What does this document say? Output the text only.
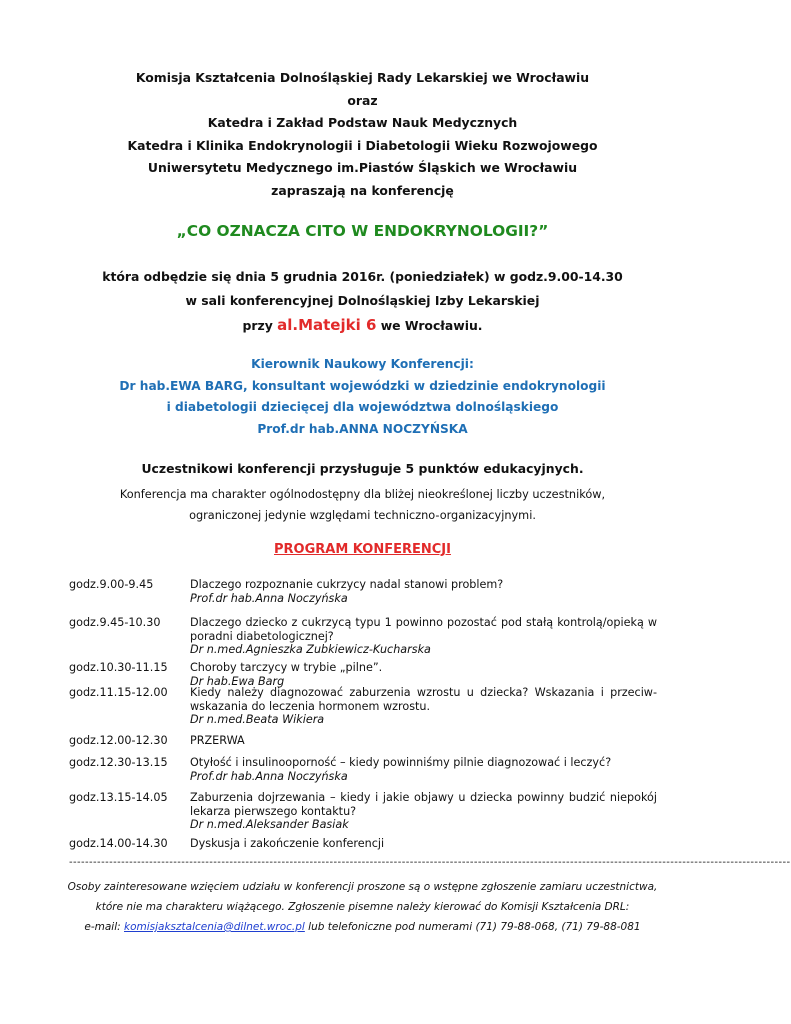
Komisja Kształcenia Dolnośląskiej Rady Lekarskiej we Wrocławiu
oraz
Katedra i Zakład Podstaw Nauk Medycznych
Katedra i Klinika Endokrynologii i Diabetologii Wieku Rozwojowego
Uniwersytetu Medycznego im.Piastów Śląskich we Wrocławiu
zapraszają na konferencję
„CO OZNACZA CITO W ENDOKRYNOLOGII?”
która odbędzie się dnia 5 grudnia 2016r. (poniedziałek) w godz.9.00-14.30
w sali konferencyjnej Dolnośląskiej Izby Lekarskiej
przy al.Matejki 6 we Wrocławiu.
Kierownik Naukowy Konferencji:
Dr hab.EWA BARG, konsultant wojewódzki w dziedzinie endokrynologii
i diabetologii dziecięcej dla województwa dolnośląskiego
Prof.dr hab.ANNA NOCZYŃSKA
Uczestnikowi konferencji przysługuje 5 punktów edukacyjnych.
Konferencja ma charakter ogólnodostępny dla bliżej nieokreślonej liczby uczestników,
ograniczonej jedynie względami techniczno-organizacyjnymi.
PROGRAM KONFERENCJI
godz.9.00-9.45	Dlaczego rozpoznanie cukrzycy nadal stanowi problem?
Prof.dr hab.Anna Noczyńska
godz.9.45-10.30	Dlaczego dziecko z cukrzycą typu 1 powinno pozostać pod stałą kontrolą/opieką w poradni diabetologicznej?
Dr n.med.Agnieszka Zubkiewicz-Kucharska
godz.10.30-11.15	Choroby tarczycy w trybie „pilne”.
Dr hab.Ewa Barg
godz.11.15-12.00	Kiedy należy diagnozować zaburzenia wzrostu u dziecka? Wskazania i przeciw-wskazania do leczenia hormonem wzrostu.
Dr n.med.Beata Wikiera
godz.12.00-12.30	PRZERWA
godz.12.30-13.15	Otyłość i insulinooporność – kiedy powinniśmy pilnie diagnozować i leczyć?
Prof.dr hab.Anna Noczyńska
godz.13.15-14.05	Zaburzenia dojrzewania – kiedy i jakie objawy u dziecka powinny budzić niepokój lekarza pierwszego kontaktu?
Dr n.med.Aleksander Basiak
godz.14.00-14.30	Dyskusja i zakończenie konferencji
------------------------------------------------------------------------------------------------------------------------------------------------------------------------------------
Osoby zainteresowane wzięciem udziału w konferencji proszone są o wstępne zgłoszenie zamiaru uczestnictwa,
które nie ma charakteru wiążącego. Zgłoszenie pisemne należy kierować do Komisji Kształcenia DRL:
e-mail: komisjaksztalcenia@dilnet.wroc.pl lub telefoniczne pod numerami (71) 79-88-068, (71) 79-88-081
